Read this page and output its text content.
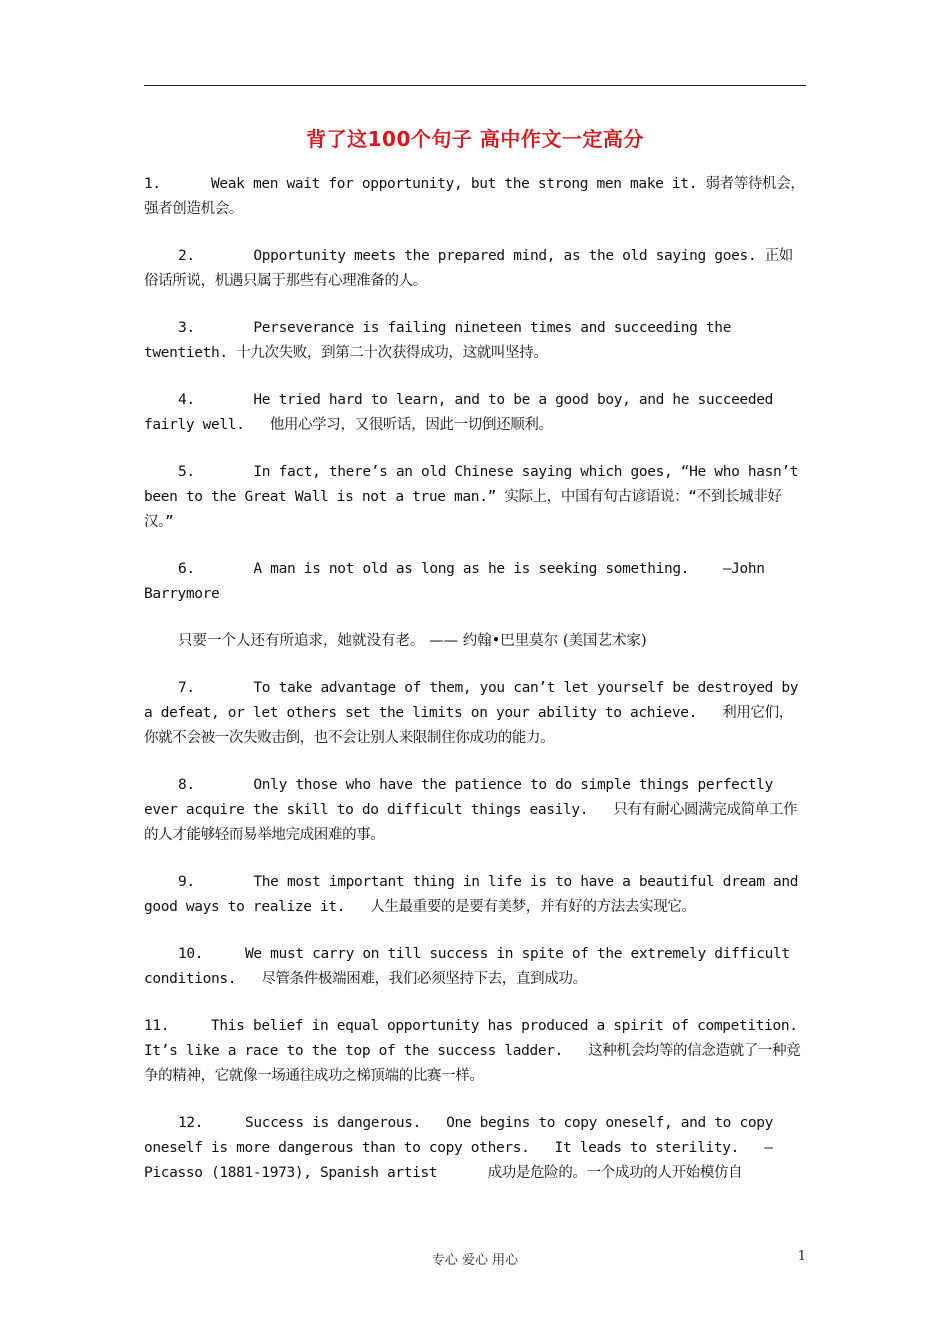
背了这100个句子 高中作文一定高分

1.      Weak men wait for opportunity, but the strong men make it. 弱者等待机会，强者创造机会。

2.       Opportunity meets the prepared mind, as the old saying goes. 正如俗话所说，机遇只属于那些有心理准备的人。

3.       Perseverance is failing nineteen times and succeeding the twentieth. 十九次失败，到第二十次获得成功，这就叫坚持。

4.       He tried hard to learn, and to be a good boy, and he succeeded fairly well.   他用心学习，又很听话，因此一切倒还顺利。

5.       In fact, there’s an old Chinese saying which goes, “He who hasn’t been to the Great Wall is not a true man.” 实际上，中国有句古谚语说：“不到长城非好汉。”

6.       A man is not old as long as he is seeking something.    —John Barrymore

只要一个人还有所追求，她就没有老。 —— 约翰•巴里莫尔 (美国艺术家)

7.       To take advantage of them, you can’t let yourself be destroyed by a defeat, or let others set the limits on your ability to achieve.   利用它们，你就不会被一次失败击倒，也不会让别人来限制住你成功的能力。

8.       Only those who have the patience to do simple things perfectly ever acquire the skill to do difficult things easily.   只有有耐心圆满完成简单工作的人才能够轻而易举地完成困难的事。

9.       The most important thing in life is to have a beautiful dream and good ways to realize it.   人生最重要的是要有美梦，并有好的方法去实现它。

10.     We must carry on till success in spite of the extremely difficult conditions.   尽管条件极端困难，我们必须坚持下去，直到成功。

11.     This belief in equal opportunity has produced a spirit of competition. It’s like a race to the top of the success ladder.   这种机会均等的信念造就了一种竞争的精神，它就像一场通往成功之梯顶端的比赛一样。

12.     Success is dangerous.   One begins to copy oneself, and to copy oneself is more dangerous than to copy others.   It leads to sterility.   —Picasso (1881-1973), Spanish artist      成功是危险的。一个成功的人开始模仿自

专心 爱心 用心	1
